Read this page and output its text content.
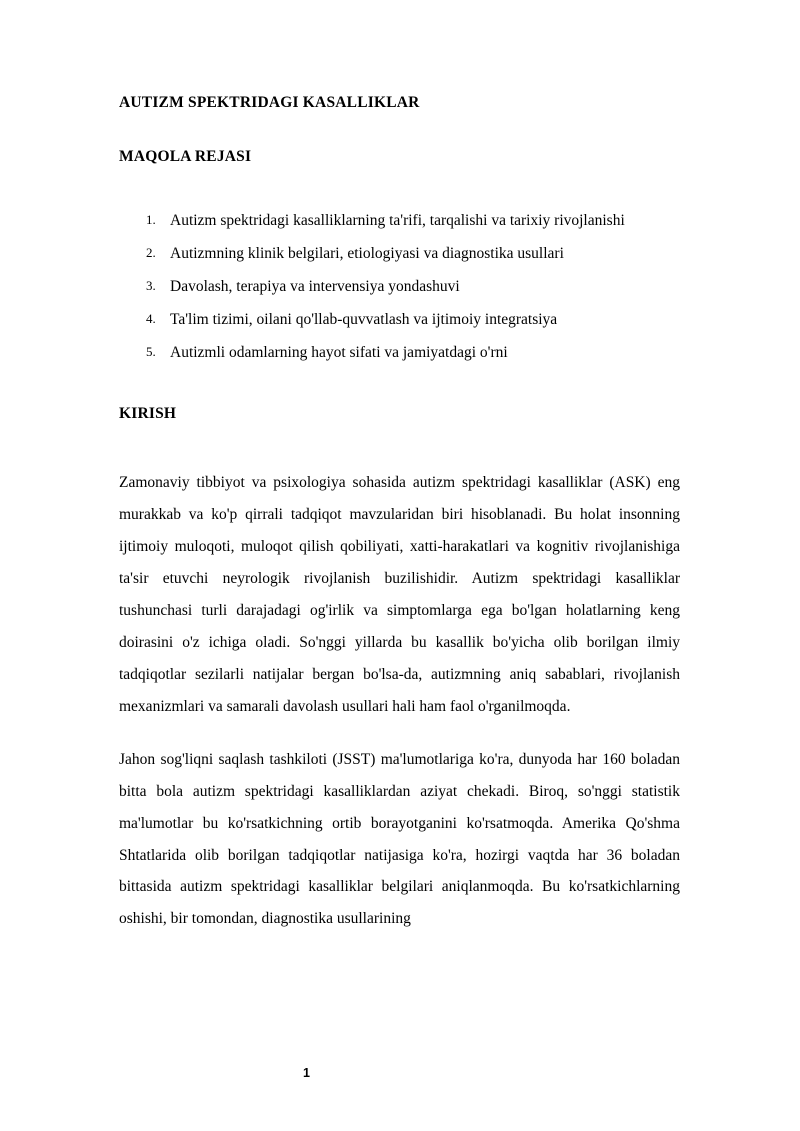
AUTIZM SPEKTRIDAGI KASALLIKLAR
MAQOLA REJASI
1. Autizm spektridagi kasalliklarning ta'rifi, tarqalishi va tarixiy rivojlanishi
2. Autizmning klinik belgilari, etiologiyasi va diagnostika usullari
3. Davolash, terapiya va intervensiya yondashuvi
4. Ta'lim tizimi, oilani qo'llab-quvvatlash va ijtimoiy integratsiya
5. Autizmli odamlarning hayot sifati va jamiyatdagi o'rni
KIRISH

Zamonaviy tibbiyot va psixologiya sohasida autizm spektridagi kasalliklar (ASK) eng murakkab va ko'p qirrali tadqiqot mavzularidan biri hisoblanadi. Bu holat insonning ijtimoiy muloqoti, muloqot qilish qobiliyati, xatti-harakatlari va kognitiv rivojlanishiga ta'sir etuvchi neyrologik rivojlanish buzilishidir. Autizm spektridagi kasalliklar tushunchasi turli darajadagi og'irlik va simptomlarga ega bo'lgan holatlarning keng doirasini o'z ichiga oladi. So'nggi yillarda bu kasallik bo'yicha olib borilgan ilmiy tadqiqotlar sezilarli natijalar bergan bo'lsa-da, autizmning aniq sabablari, rivojlanish mexanizmlari va samarali davolash usullari hali ham faol o'rganilmoqda.

Jahon sog'liqni saqlash tashkiloti (JSST) ma'lumotlariga ko'ra, dunyoda har 160 boladan bitta bola autizm spektridagi kasalliklardan aziyat chekadi. Biroq, so'nggi statistik ma'lumotlar bu ko'rsatkichning ortib borayotganini ko'rsatmoqda. Amerika Qo'shma Shtatlarida olib borilgan tadqiqotlar natijasiga ko'ra, hozirgi vaqtda har 36 boladan bittasida autizm spektridagi kasalliklar belgilari aniqlanmoqda. Bu ko'rsatkichlarning oshishi, bir tomondan, diagnostika usullarining

1
